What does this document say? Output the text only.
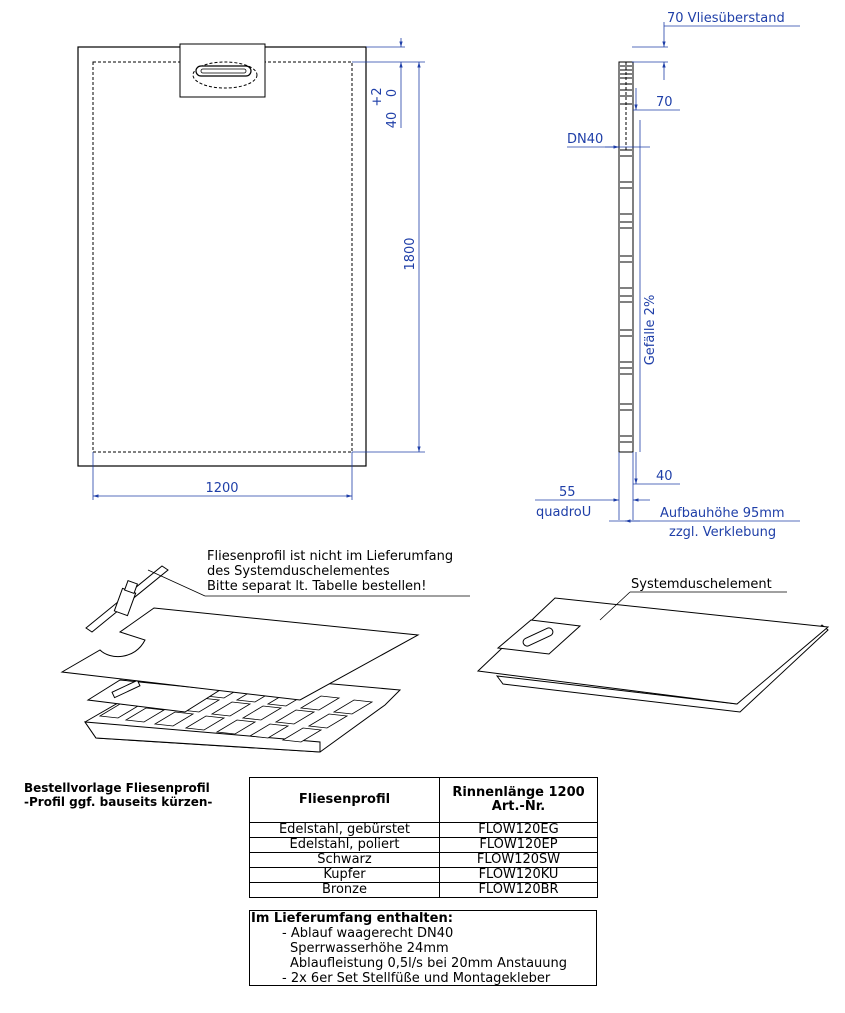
1200
1800
40
+2 0
70 Vliesüberstand
70
DN40
Gefälle 2%
40
55
quadroU	Aufbauhöhe 95mm
zzgl. Verklebung
Fliesenprofil ist nicht im Lieferumfang
des Systemduschelementes
Bitte separat lt. Tabelle bestellen!	Systemduschelement
Bestellvorlage Fliesenprofil
-Profil ggf. bauseits kürzen-	Fliesenprofil	Rinnenlänge 1200
Art.-Nr.

Edelstahl, gebürstet	FLOW120EG
Edelstahl, poliert	FLOW120EP
Schwarz	FLOW120SW
Kupfer	FLOW120KU
Bronze	FLOW120BR
Im Lieferumfang enthalten:
- Ablauf waagerecht DN40
Sperrwasserhöhe 24mm
Ablaufleistung 0,5l/s bei 20mm Anstauung
- 2x 6er Set Stellfüße und Montagekleber
